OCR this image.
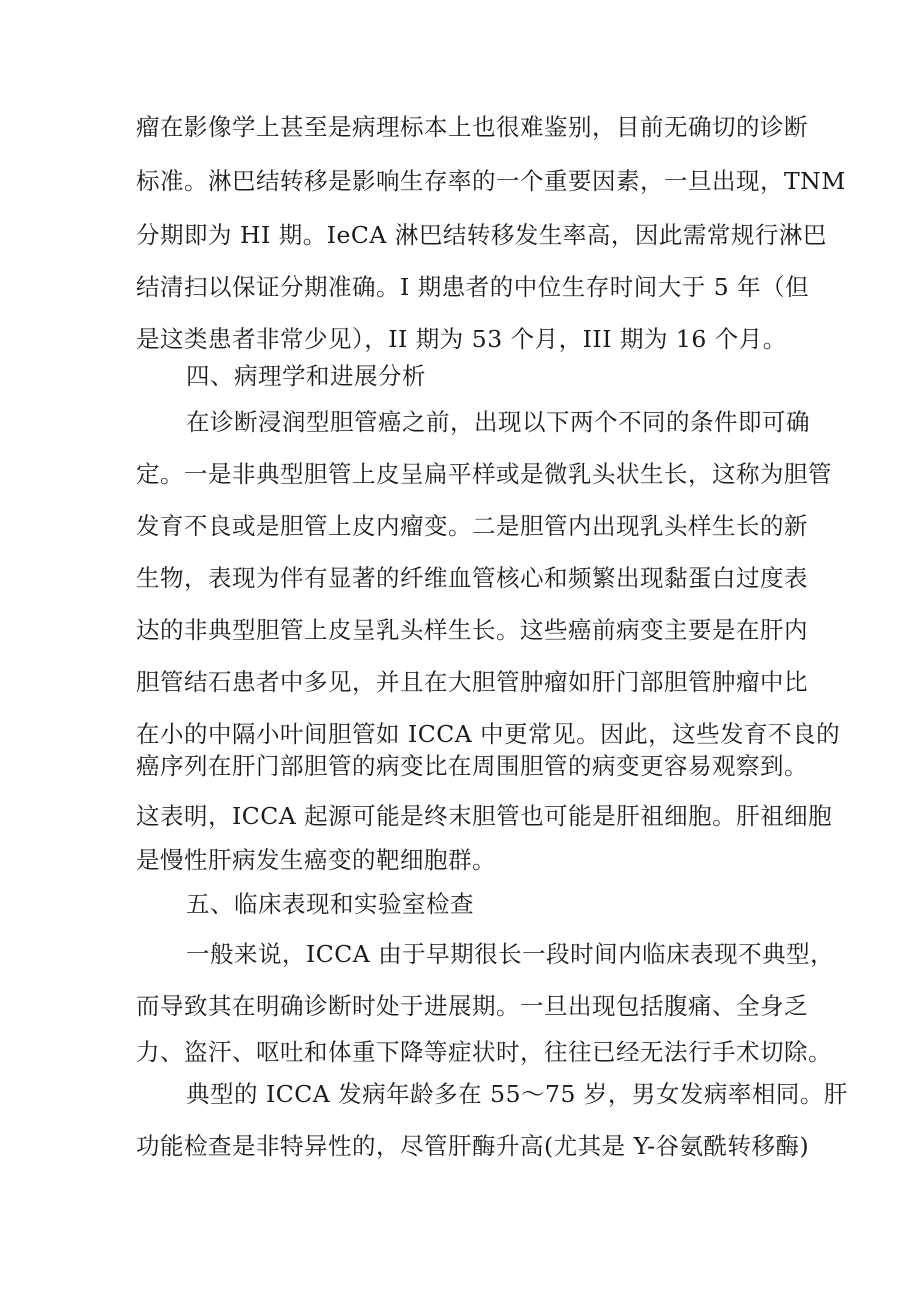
瘤在影像学上甚至是病理标本上也很难鉴别，目前无确切的诊断
标准。淋巴结转移是影响生存率的一个重要因素，一旦出现，TNM
分期即为 HI 期。IeCA 淋巴结转移发生率高，因此需常规行淋巴
结清扫以保证分期准确。I 期患者的中位生存时间大于 5 年（但
是这类患者非常少见），II 期为 53 个月，III 期为 16 个月。
四、病理学和进展分析
在诊断浸润型胆管癌之前，出现以下两个不同的条件即可确
定。一是非典型胆管上皮呈扁平样或是微乳头状生长，这称为胆管
发育不良或是胆管上皮内瘤变。二是胆管内出现乳头样生长的新
生物，表现为伴有显著的纤维血管核心和频繁出现黏蛋白过度表
达的非典型胆管上皮呈乳头样生长。这些癌前病变主要是在肝内
胆管结石患者中多见，并且在大胆管肿瘤如肝门部胆管肿瘤中比
在小的中隔小叶间胆管如 ICCA 中更常见。因此，这些发育不良的
癌序列在肝门部胆管的病变比在周围胆管的病变更容易观察到。
这表明，ICCA 起源可能是终末胆管也可能是肝祖细胞。肝祖细胞
是慢性肝病发生癌变的靶细胞群。
五、临床表现和实验室检查
一般来说，ICCA 由于早期很长一段时间内临床表现不典型，
而导致其在明确诊断时处于进展期。一旦出现包括腹痛、全身乏
力、盗汗、呕吐和体重下降等症状时，往往已经无法行手术切除。
典型的 ICCA 发病年龄多在 55～75 岁，男女发病率相同。肝
功能检查是非特异性的，尽管肝酶升高(尤其是 Y-谷氨酰转移酶)
